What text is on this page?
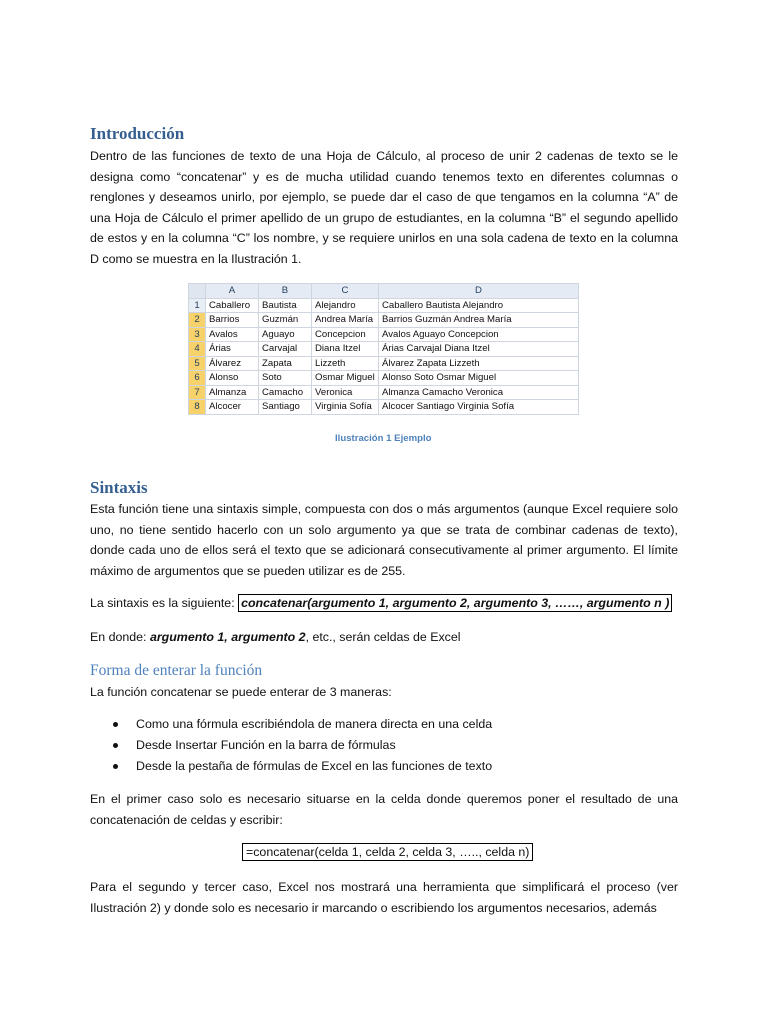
Introducción
Dentro de las funciones de texto de una Hoja de Cálculo, al proceso de unir 2 cadenas de texto se le designa como “concatenar” y es de mucha utilidad cuando tenemos texto en diferentes columnas o renglones y deseamos unirlo, por ejemplo, se puede dar el caso de que tengamos en la columna “A” de una Hoja de Cálculo el primer apellido de un grupo de estudiantes, en la columna “B” el segundo apellido de estos y en la columna “C” los nombre, y se requiere unirlos en una sola cadena de texto en la columna D como se muestra en la Ilustración 1.
Sintaxis
Esta función tiene una sintaxis simple, compuesta con dos o más argumentos (aunque Excel requiere solo uno, no tiene sentido hacerlo con un solo argumento ya que se trata de combinar cadenas de texto), donde cada uno de ellos será el texto que se adicionará consecutivamente al primer argumento. El límite máximo de argumentos que se pueden utilizar es de 255.
La sintaxis es la siguiente: concatenar(argumento 1, argumento 2, argumento 3, ……, argumento n )
En donde: argumento 1, argumento 2, etc., serán celdas de Excel
Forma de enterar la función
La función concatenar se puede enterar de 3 maneras:
Como una fórmula escribiéndola de manera directa en una celda
Desde Insertar Función en la barra de fórmulas
Desde la pestaña de fórmulas de Excel en las funciones de texto
En el primer caso solo es necesario situarse en la celda donde queremos poner el resultado de una concatenación de celdas y escribir:
=concatenar(celda 1, celda 2, celda 3, ….., celda n)
Para el segundo y tercer caso, Excel nos mostrará una herramienta que simplificará el proceso (ver Ilustración 2) y donde solo es necesario ir marcando o escribiendo los argumentos necesarios, además
	A	B	C	D
1	Caballero	Bautista	Alejandro	Caballero Bautista Alejandro
2	Barrios	Guzmán	Andrea María	Barrios Guzmán Andrea María
3	Avalos	Aguayo	Concepcion	Avalos Aguayo Concepcion
4	Árias	Carvajal	Diana Itzel	Árias Carvajal Diana Itzel
5	Álvarez	Zapata	Lizzeth	Álvarez Zapata Lizzeth
6	Alonso	Soto	Osmar Miguel	Alonso Soto Osmar Miguel
7	Almanza	Camacho	Veronica	Almanza Camacho Veronica
8	Alcocer	Santiago	Virginia Sofía	Alcocer Santiago Virginia Sofía
Ilustración 1 Ejemplo
